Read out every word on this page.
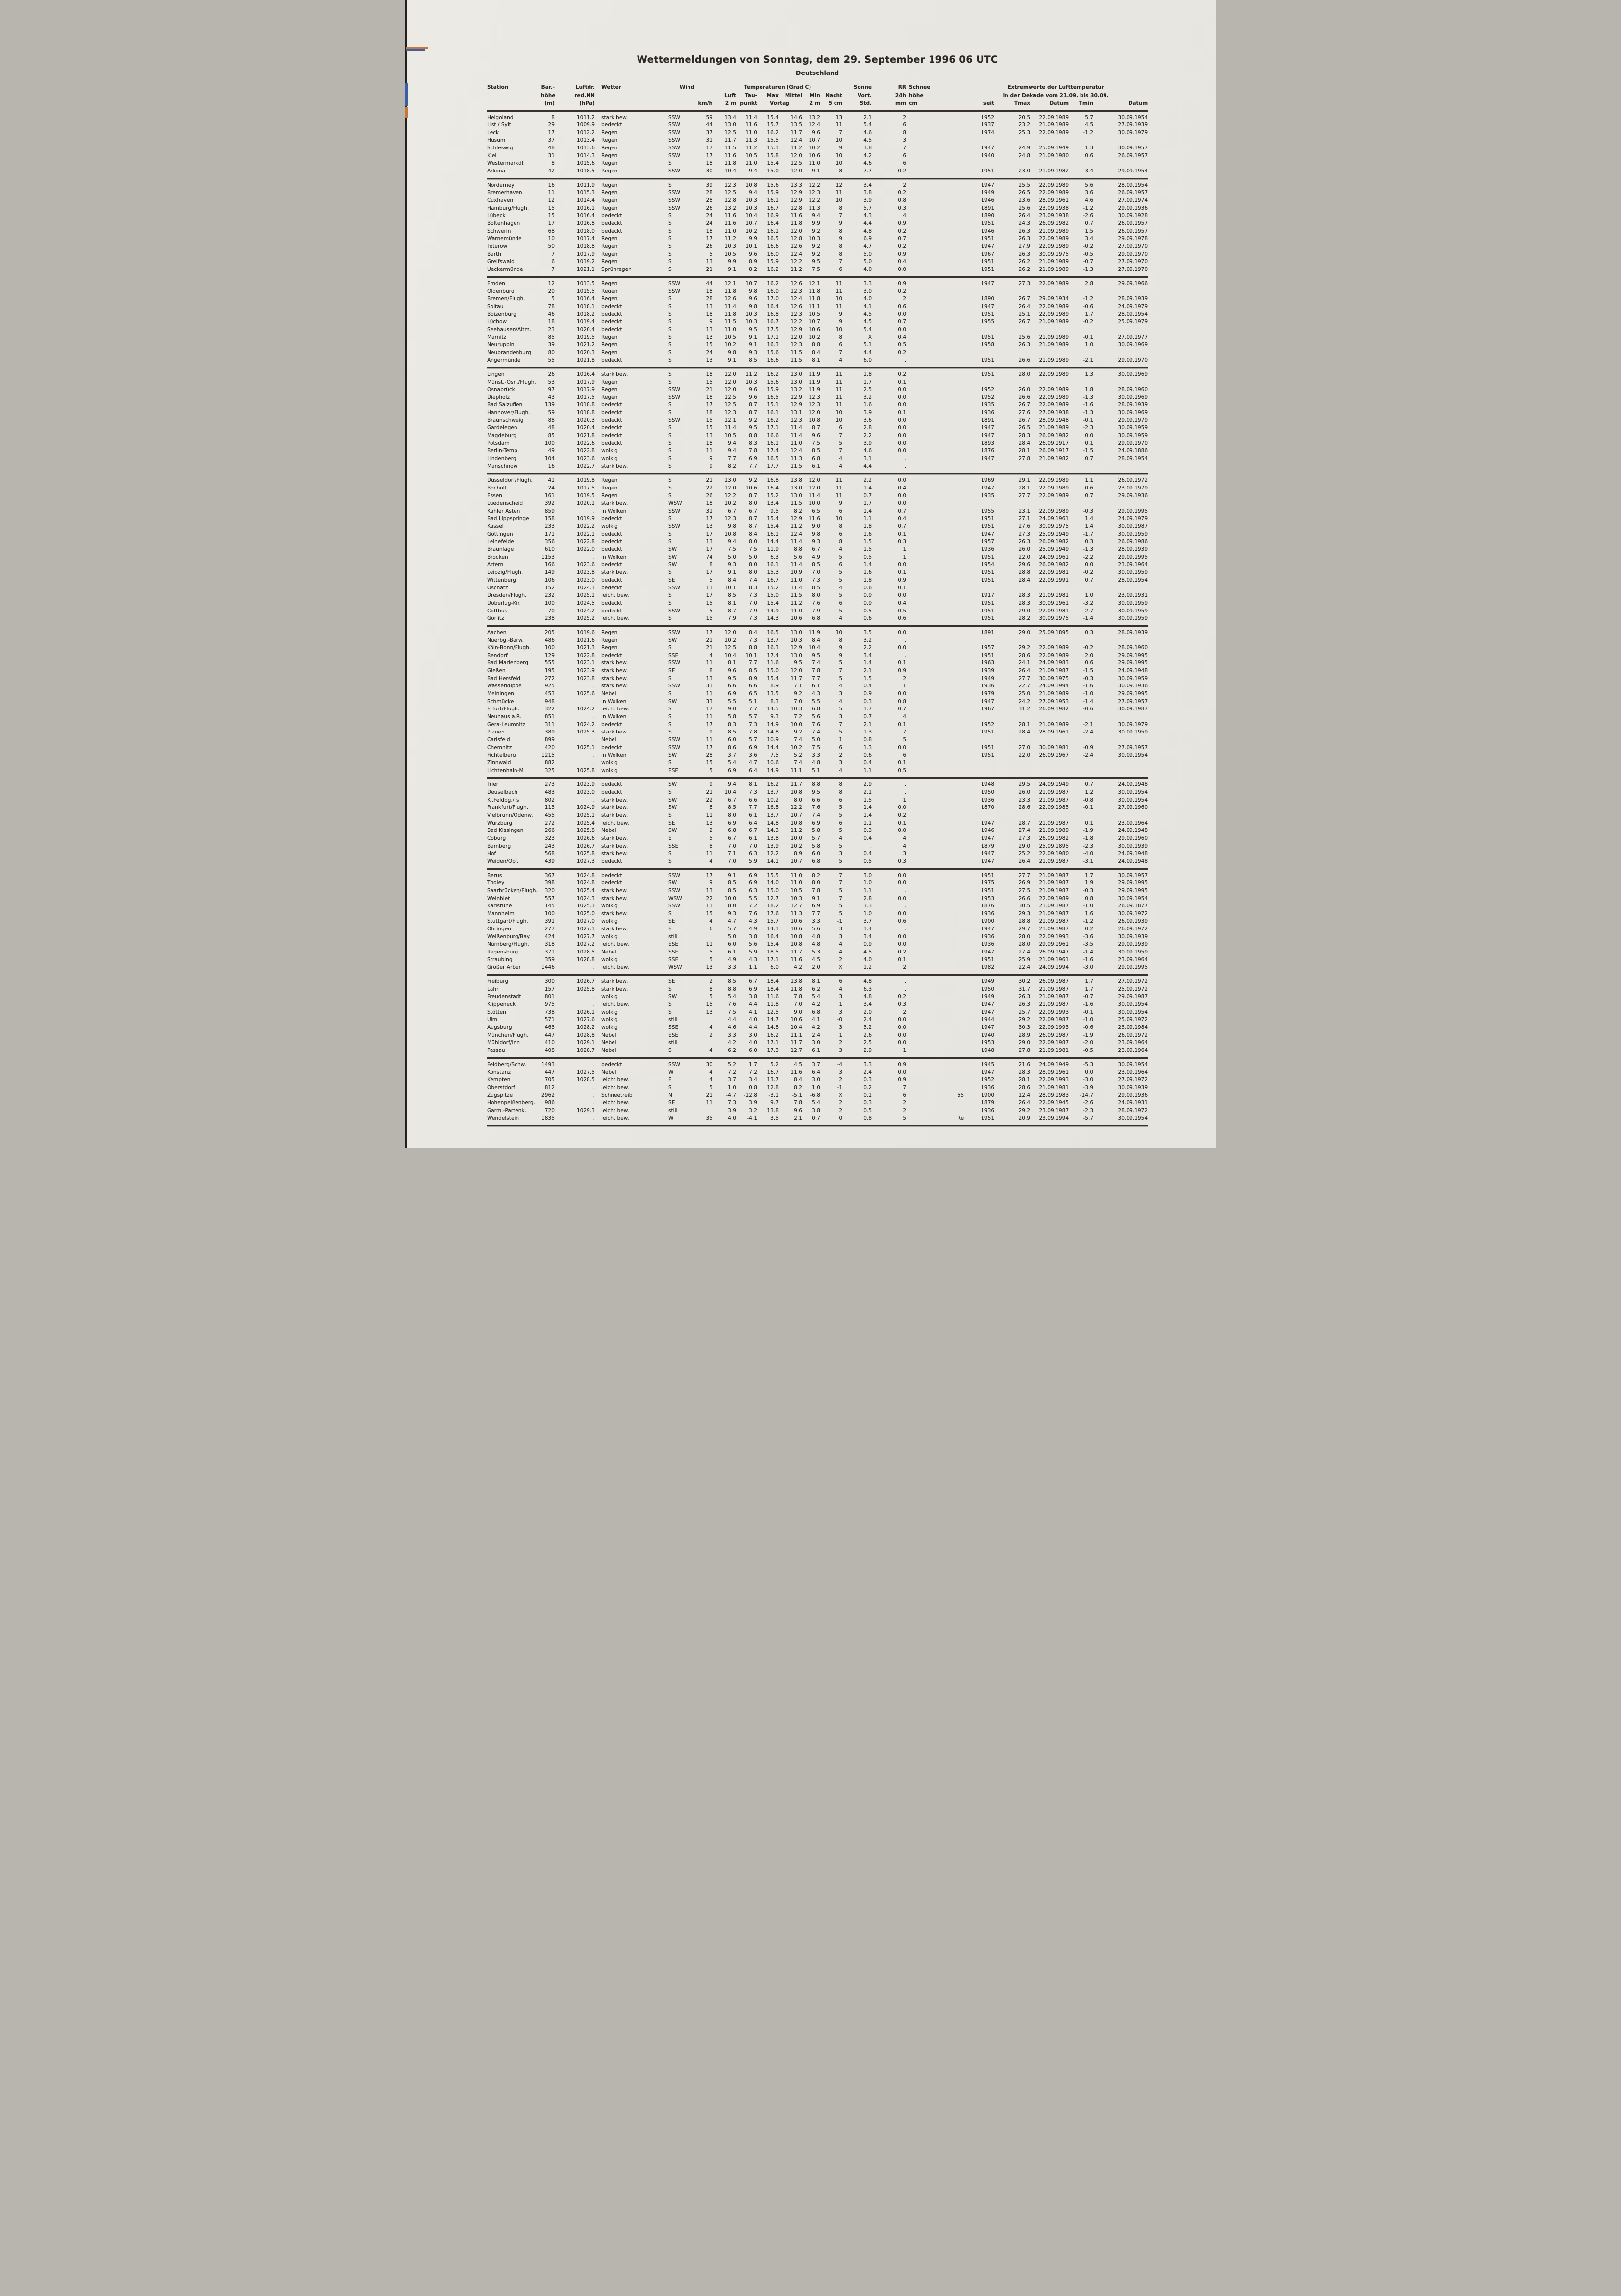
Wettermeldungen von Sonntag, dem 29. September 1996 06 UTC
Deutschland
Station	Bar.-	Luftdr.	Wetter	Wind		Temperaturen (Grad C)						Sonne	RR	Schnee	Extremwerte der Lufttemperatur				
	höhe	red.NN				Luft	Tau-	Max	Mittel	Min	Nacht	Vort.	24h	höhe	in der Dekade vom 21.09. bis 30.09.				
	(m)	(hPa)			km/h	2 m	punkt	Vortag		2 m	5 cm	Std.	mm	cm	seit	Tmax	Datum	Tmin	Datum

Helgoland	8	1011.2	stark bew.	SSW	59	13.4	11.4	15.4	14.6	13.2	13	2.1	2		1952	20.5	22.09.1989	5.7	30.09.1954
List / Sylt	29	1009.9	bedeckt	SSW	44	13.0	11.6	15.7	13.5	12.4	11	5.4	6		1937	23.2	21.09.1989	4.5	27.09.1939
Leck	17	1012.2	Regen	SSW	37	12.5	11.0	16.2	11.7	9.6	7	4.6	8		1974	25.3	22.09.1989	-1.2	30.09.1979
Husum	37	1013.4	Regen	SSW	31	11.7	11.3	15.5	12.4	10.7	10	4.5	3						
Schleswig	48	1013.6	Regen	SSW	17	11.5	11.2	15.1	11.2	10.2	9	3.8	7		1947	24.9	25.09.1949	1.3	30.09.1957
Kiel	31	1014.3	Regen	SSW	17	11.6	10.5	15.8	12.0	10.6	10	4.2	6		1940	24.8	21.09.1980	0.6	26.09.1957
Westermarkdf.	8	1015.6	Regen	S	18	11.8	11.0	15.4	12.5	11.0	10	4.6	6						
Arkona	42	1018.5	Regen	SSW	30	10.4	9.4	15.0	12.0	9.1	8	7.7	0.2		1951	23.0	21.09.1982	3.4	29.09.1954

Norderney	16	1011.9	Regen	S	39	12.3	10.8	15.6	13.3	12.2	12	3.4	2		1947	25.5	22.09.1989	5.6	28.09.1954
Bremerhaven	11	1015.3	Regen	SSW	28	12.5	9.4	15.9	12.9	12.3	11	3.8	0.2		1949	26.5	22.09.1989	3.6	26.09.1957
Cuxhaven	12	1014.4	Regen	SSW	28	12.8	10.3	16.1	12.9	12.2	10	3.9	0.8		1946	23.6	28.09.1961	4.6	27.09.1974
Hamburg/Flugh.	15	1016.1	Regen	SSW	26	13.2	10.3	16.7	12.8	11.3	8	5.7	0.3		1891	25.6	23.09.1938	-1.2	29.09.1936
Lübeck	15	1016.4	bedeckt	S	24	11.6	10.4	16.9	11.6	9.4	7	4.3	4		1890	26.4	23.09.1938	-2.6	30.09.1928
Boltenhagen	17	1016.8	bedeckt	S	24	11.6	10.7	16.4	11.8	9.9	9	4.4	0.9		1951	24.3	26.09.1982	0.7	26.09.1957
Schwerin	68	1018.0	bedeckt	S	18	11.0	10.2	16.1	12.0	9.2	8	4.8	0.2		1946	26.3	21.09.1989	1.5	26.09.1957
Warnemünde	10	1017.4	Regen	S	17	11.2	9.9	16.5	12.8	10.3	9	6.9	0.7		1951	26.3	22.09.1989	3.4	29.09.1978
Teterow	50	1018.8	Regen	S	26	10.3	10.1	16.6	12.6	9.2	8	4.7	0.2		1947	27.9	22.09.1989	-0.2	27.09.1970
Barth	7	1017.9	Regen	S	5	10.5	9.6	16.0	12.4	9.2	8	5.0	0.9		1967	26.3	30.09.1975	-0.5	29.09.1970
Greifswald	6	1019.2	Regen	S	13	9.9	8.9	15.9	12.2	9.5	7	5.0	0.4		1951	26.2	21.09.1989	-0.7	27.09.1970
Ueckermünde	7	1021.1	Sprühregen	S	21	9.1	8.2	16.2	11.2	7.5	6	4.0	0.0		1951	26.2	21.09.1989	-1.3	27.09.1970

Emden	12	1013.5	Regen	SSW	44	12.1	10.7	16.2	12.6	12.1	11	3.3	0.9		1947	27.3	22.09.1989	2.8	29.09.1966
Oldenburg	20	1015.5	Regen	SSW	18	11.8	9.8	16.0	12.3	11.8	11	3.0	0.2						
Bremen/Flugh.	5	1016.4	Regen	S	28	12.6	9.6	17.0	12.4	11.8	10	4.0	2		1890	26.7	29.09.1934	-1.2	28.09.1939
Soltau	78	1018.1	bedeckt	S	13	11.4	9.8	16.4	12.6	11.1	11	4.1	0.6		1947	26.4	22.09.1989	-0.6	24.09.1979
Boizenburg	46	1018.2	bedeckt	S	18	11.8	10.3	16.8	12.3	10.5	9	4.5	0.0		1951	25.1	22.09.1989	1.7	28.09.1954
Lüchow	18	1019.4	bedeckt	S	9	11.5	10.3	16.7	12.2	10.7	9	4.5	0.7		1955	26.7	21.09.1989	-0.2	25.09.1979
Seehausen/Altm.	23	1020.4	bedeckt	S	13	11.0	9.5	17.5	12.9	10.6	10	5.4	0.0						
Marnitz	85	1019.5	Regen	S	13	10.5	9.1	17.1	12.0	10.2	8	X	0.4		1951	25.6	21.09.1989	-0.1	27.09.1977
Neuruppin	39	1021.2	Regen	S	15	10.2	9.1	16.3	12.3	8.8	6	5.1	0.5		1958	26.3	21.09.1989	1.0	30.09.1969
Neubrandenburg	80	1020.3	Regen	S	24	9.8	9.3	15.6	11.5	8.4	7	4.4	0.2						
Angermünde	55	1021.8	bedeckt	S	13	9.1	8.5	16.6	11.5	8.1	4	6.0	.		1951	26.6	21.09.1989	-2.1	29.09.1970

Lingen	26	1016.4	stark bew.	S	18	12.0	11.2	16.2	13.0	11.9	11	1.8	0.2		1951	28.0	22.09.1989	1.3	30.09.1969
Münst.-Osn./Flugh.	53	1017.9	Regen	S	15	12.0	10.3	15.6	13.0	11.9	11	1.7	0.1						
Osnabrück	97	1017.9	Regen	SSW	21	12.0	9.6	15.9	13.2	11.9	11	2.5	0.0		1952	26.0	22.09.1989	1.8	28.09.1960
Diepholz	43	1017.5	Regen	SSW	18	12.5	9.6	16.5	12.9	12.3	11	3.2	0.0		1952	26.6	22.09.1989	-1.3	30.09.1969
Bad Salzuflen	139	1018.8	bedeckt	S	17	12.5	8.7	15.1	12.9	12.3	11	1.6	0.0		1935	26.7	22.09.1989	-1.6	28.09.1939
Hannover/Flugh.	59	1018.8	bedeckt	S	18	12.3	8.7	16.1	13.1	12.0	10	3.9	0.1		1936	27.6	27.09.1938	-1.3	30.09.1969
Braunschweig	88	1020.3	bedeckt	SSW	15	12.1	9.2	16.2	12.3	10.8	10	3.6	0.0		1891	26.7	28.09.1948	-0.1	29.09.1979
Gardelegen	48	1020.4	bedeckt	S	15	11.4	9.5	17.1	11.4	8.7	6	2.8	0.0		1947	26.5	21.09.1989	-2.3	30.09.1959
Magdeburg	85	1021.8	bedeckt	S	13	10.5	8.8	16.6	11.4	9.6	7	2.2	0.0		1947	28.3	26.09.1982	0.0	30.09.1959
Potsdam	100	1022.6	bedeckt	S	18	9.4	8.3	16.1	11.0	7.5	5	3.9	0.0		1893	28.4	26.09.1917	0.1	29.09.1970
Berlin-Temp.	49	1022.8	wolkig	S	11	9.4	7.8	17.4	12.4	8.5	7	4.6	0.0		1876	28.1	26.09.1917	-1.5	24.09.1886
Lindenberg	104	1023.6	wolkig	S	9	7.7	6.9	16.5	11.3	6.8	4	3.1	.		1947	27.8	21.09.1982	0.7	28.09.1954
Manschnow	16	1022.7	stark bew.	S	9	8.2	7.7	17.7	11.5	6.1	4	4.4	.						

Düsseldorf/Flugh.	41	1019.8	Regen	S	21	13.0	9.2	16.8	13.8	12.0	11	2.2	0.0		1969	29.1	22.09.1989	1.1	26.09.1972
Bocholt	24	1017.5	Regen	S	22	12.0	10.6	16.4	13.0	12.0	11	1.4	0.4		1947	28.1	22.09.1989	0.6	23.09.1979
Essen	161	1019.5	Regen	S	26	12.2	8.7	15.2	13.0	11.4	11	0.7	0.0		1935	27.7	22.09.1989	0.7	29.09.1936
Luedenscheid	392	1020.1	stark bew.	WSW	18	10.2	8.0	13.4	11.5	10.0	9	1.7	0.0						
Kahler Asten	859	.	in Wolken	SSW	31	6.7	6.7	9.5	8.2	6.5	6	1.4	0.7		1955	23.1	22.09.1989	-0.3	29.09.1995
Bad Lippspringe	158	1019.9	bedeckt	S	17	12.3	8.7	15.4	12.9	11.6	10	1.1	0.4		1951	27.1	24.09.1961	1.4	24.09.1979
Kassel	233	1022.2	wolkig	SSW	13	9.8	8.7	15.4	11.2	9.0	8	1.8	0.7		1951	27.6	30.09.1975	1.4	30.09.1987
Göttingen	171	1022.1	bedeckt	S	17	10.8	8.4	16.1	12.4	9.8	6	1.6	0.1		1947	27.3	25.09.1949	-1.7	30.09.1959
Leinefelde	356	1022.8	bedeckt	S	13	9.4	8.0	14.4	11.4	9.3	8	1.5	0.3		1957	26.3	26.09.1982	0.3	26.09.1986
Braunlage	610	1022.0	bedeckt	SW	17	7.5	7.5	11.9	8.8	6.7	4	1.5	1		1936	26.0	25.09.1949	-1.3	28.09.1939
Brocken	1153	.	in Wolken	SW	74	5.0	5.0	6.3	5.6	4.9	5	0.5	1		1951	22.0	24.09.1961	-2.2	29.09.1995
Artern	166	1023.6	bedeckt	SW	8	9.3	8.0	16.1	11.4	8.5	6	1.4	0.0		1954	29.6	26.09.1982	0.0	23.09.1964
Leipzig/Flugh.	149	1023.8	stark bew.	S	17	9.1	8.0	15.3	10.9	7.0	5	1.6	0.1		1951	28.8	22.09.1981	-0.2	30.09.1959
Wittenberg	106	1023.0	bedeckt	SE	5	8.4	7.4	16.7	11.0	7.3	5	1.8	0.9		1951	28.4	22.09.1991	0.7	28.09.1954
Oschatz	152	1024.3	bedeckt	SSW	11	10.1	8.3	15.2	11.4	8.5	4	0.6	0.1						
Dresden/Flugh.	232	1025.1	leicht bew.	S	17	8.5	7.3	15.0	11.5	8.0	5	0.9	0.0		1917	28.3	21.09.1981	1.0	23.09.1931
Doberlug-Kir.	100	1024.5	bedeckt	S	15	8.1	7.0	15.4	11.2	7.6	6	0.9	0.4		1951	28.3	30.09.1961	-3.2	30.09.1959
Cottbus	70	1024.2	bedeckt	SSW	5	8.7	7.9	14.9	11.0	7.9	5	0.5	0.5		1951	29.0	22.09.1981	-2.7	30.09.1959
Görlitz	238	1025.2	leicht bew.	S	15	7.9	7.3	14.3	10.6	6.8	4	0.6	0.6		1951	28.2	30.09.1975	-1.4	30.09.1959

Aachen	205	1019.6	Regen	SSW	17	12.0	8.4	16.5	13.0	11.9	10	3.5	0.0		1891	29.0	25.09.1895	0.3	28.09.1939
Nuerbg.-Barw.	486	1021.6	Regen	SW	21	10.2	7.3	13.7	10.3	8.4	8	3.2	.						
Köln-Bonn/Flugh.	100	1021.3	Regen	S	21	12.5	8.8	16.3	12.9	10.4	9	2.2	0.0		1957	29.2	22.09.1989	-0.2	28.09.1960
Bendorf	129	1022.8	bedeckt	SSE	4	10.4	10.1	17.4	13.0	9.5	9	3.4	.		1951	28.6	22.09.1989	2.0	29.09.1995
Bad Marienberg	555	1023.1	stark bew.	SSW	11	8.1	7.7	11.6	9.5	7.4	5	1.4	0.1		1963	24.1	24.09.1983	0.6	29.09.1995
Gießen	195	1023.9	stark bew.	SE	8	9.6	8.5	15.0	12.0	7.8	7	2.1	0.9		1939	26.4	21.09.1987	-1.5	24.09.1948
Bad Hersfeld	272	1023.8	stark bew.	S	13	9.5	8.9	15.4	11.7	7.7	5	1.5	2		1949	27.7	30.09.1975	-0.3	30.09.1959
Wasserkuppe	925	.	stark bew.	SSW	31	6.6	6.6	8.9	7.1	6.1	4	0.4	1		1936	22.7	24.09.1994	-1.6	30.09.1936
Meiningen	453	1025.6	Nebel	S	11	6.9	6.5	13.5	9.2	4.3	3	0.9	0.0		1979	25.0	21.09.1989	-1.0	29.09.1995
Schmücke	948	.	in Wolken	SW	33	5.5	5.1	8.3	7.0	5.5	4	0.3	0.8		1947	24.2	27.09.1953	-1.4	27.09.1957
Erfurt/Flugh.	322	1024.2	leicht bew.	S	17	9.0	7.7	14.5	10.3	6.8	5	1.7	0.7		1967	31.2	26.09.1982	-0.6	30.09.1987
Neuhaus a.R.	851	.	in Wolken	S	11	5.8	5.7	9.3	7.2	5.6	3	0.7	4						
Gera-Leumnitz	311	1024.2	bedeckt	S	17	8.3	7.3	14.9	10.0	7.6	7	2.1	0.1		1952	28.1	21.09.1989	-2.1	30.09.1979
Plauen	389	1025.3	stark bew.	S	9	8.5	7.8	14.8	9.2	7.4	5	1.3	7		1951	28.4	28.09.1961	-2.4	30.09.1959
Carlsfeld	899	.	Nebel	SSW	11	6.0	5.7	10.9	7.4	5.0	1	0.8	5						
Chemnitz	420	1025.1	bedeckt	SSW	17	8.6	6.9	14.4	10.2	7.5	6	1.3	0.0		1951	27.0	30.09.1981	-0.9	27.09.1957
Fichtelberg	1215	.	in Wolken	SW	28	3.7	3.6	7.5	5.2	3.3	2	0.6	6		1951	22.0	26.09.1967	-2.4	30.09.1954
Zinnwald	882	.	wolkig	S	15	5.4	4.7	10.6	7.4	4.8	3	0.4	0.1						
Lichtenhain-M	325	1025.8	wolkig	ESE	5	6.9	6.4	14.9	11.1	5.1	4	1.1	0.5						

Trier	273	1023.9	bedeckt	SW	9	9.4	8.1	16.2	11.7	8.8	8	2.9	.		1948	29.5	24.09.1949	0.7	24.09.1948
Deuselbach	483	1023.0	bedeckt	S	21	10.4	7.3	13.7	10.8	9.5	8	2.1	.		1950	26.0	21.09.1987	1.2	30.09.1954
Kl.Feldbg./Ts	802	.	stark bew.	SW	22	6.7	6.6	10.2	8.0	6.6	6	1.5	1		1936	23.3	21.09.1987	-0.8	30.09.1954
Frankfurt/Flugh.	113	1024.9	stark bew.	SW	8	8.5	7.7	16.8	12.2	7.6	5	1.4	0.0		1870	28.6	22.09.1985	-0.1	27.09.1960
Vielbrunn/Odenw.	455	1025.1	stark bew.	S	11	8.0	6.1	13.7	10.7	7.4	5	1.4	0.2						
Würzburg	272	1025.4	leicht bew.	SE	13	6.9	6.4	14.8	10.8	6.9	6	1.1	0.1		1947	28.7	21.09.1987	0.1	23.09.1964
Bad Kissingen	266	1025.8	Nebel	SW	2	6.8	6.7	14.3	11.2	5.8	5	0.3	0.0		1946	27.4	21.09.1989	-1.9	24.09.1948
Coburg	323	1026.6	stark bew.	E	5	6.7	6.1	13.8	10.0	5.7	4	0.4	4		1947	27.3	26.09.1982	-1.8	29.09.1960
Bamberg	243	1026.7	stark bew.	SSE	8	7.0	7.0	13.9	10.2	5.8	5	.	4		1879	29.0	25.09.1895	-2.3	30.09.1939
Hof	568	1025.8	stark bew.	S	11	7.1	6.3	12.2	8.9	6.0	3	0.4	3		1947	25.2	22.09.1980	-4.0	24.09.1948
Weiden/Opf.	439	1027.3	bedeckt	S	4	7.0	5.9	14.1	10.7	6.8	5	0.5	0.3		1947	26.4	21.09.1987	-3.1	24.09.1948

Berus	367	1024.8	bedeckt	SSW	17	9.1	6.9	15.5	11.0	8.2	7	3.0	0.0		1951	27.7	21.09.1987	1.7	30.09.1957
Tholey	398	1024.8	bedeckt	SW	9	8.5	6.9	14.0	11.0	8.0	7	1.0	0.0		1975	26.9	21.09.1987	1.9	29.09.1995
Saarbrücken/Flugh.	320	1025.4	stark bew.	SSW	13	8.5	6.3	15.0	10.5	7.8	5	1.1	.		1951	27.5	21.09.1987	-0.3	29.09.1995
Weinbiet	557	1024.3	stark bew.	WSW	22	10.0	5.5	12.7	10.3	9.1	7	2.8	0.0		1953	26.6	22.09.1989	0.8	30.09.1954
Karlsruhe	145	1025.3	wolkig	SSW	11	8.0	7.2	18.2	12.7	6.9	5	3.3	.		1876	30.5	21.09.1987	-1.0	26.09.1877
Mannheim	100	1025.0	stark bew.	S	15	9.3	7.6	17.6	11.3	7.7	5	1.0	0.0		1936	29.3	21.09.1987	1.6	30.09.1972
Stuttgart/Flugh.	391	1027.0	wolkig	SE	4	4.7	4.3	15.7	10.6	3.3	-1	3.7	0.6		1900	28.8	21.09.1987	-1.2	26.09.1939
Öhringen	277	1027.1	stark bew.	E	6	5.7	4.9	14.1	10.6	5.6	3	1.4	.		1947	29.7	21.09.1987	0.2	26.09.1972
Weißenburg/Bay.	424	1027.7	wolkig	still		5.0	3.8	16.4	10.8	4.8	3	3.4	0.0		1936	28.0	22.09.1993	-3.6	30.09.1939
Nürnberg/Flugh.	318	1027.2	leicht bew.	ESE	11	6.0	5.6	15.4	10.8	4.8	4	0.9	0.0		1936	28.0	29.09.1961	-3.5	29.09.1939
Regensburg	371	1028.5	Nebel	SSE	5	6.1	5.9	18.5	11.7	5.3	4	4.5	0.2		1947	27.4	26.09.1947	-1.4	30.09.1959
Straubing	359	1028.8	wolkig	SSE	5	4.9	4.3	17.1	11.6	4.5	2	4.0	0.1		1951	25.9	21.09.1961	-1.6	23.09.1964
Großer Arber	1446	.	leicht bew.	WSW	13	3.3	1.1	6.0	4.2	2.0	X	1.2	2		1982	22.4	24.09.1994	-3.0	29.09.1995

Freiburg	300	1026.7	stark bew.	SE	2	8.5	6.7	18.4	13.8	8.1	6	4.8	.		1949	30.2	26.09.1987	1.7	27.09.1972
Lahr	157	1025.8	stark bew.	S	8	8.8	6.9	18.4	11.8	6.2	4	6.3	.		1950	31.7	21.09.1987	1.7	25.09.1972
Freudenstadt	801	.	wolkig	SW	5	5.4	3.8	11.6	7.8	5.4	3	4.8	0.2		1949	26.3	21.09.1987	-0.7	29.09.1987
Klippeneck	975	.	leicht bew.	S	15	7.6	4.4	11.8	7.0	4.2	1	3.4	0.3		1947	26.3	21.09.1987	-1.6	30.09.1954
Stötten	738	1026.1	wolkig	S	13	7.5	4.1	12.5	9.0	6.8	3	2.0	2		1947	25.7	22.09.1993	-0.1	30.09.1954
Ulm	571	1027.6	wolkig	still		4.4	4.0	14.7	10.6	4.1	-0	2.4	0.0		1944	29.2	22.09.1987	-1.0	25.09.1972
Augsburg	463	1028.2	wolkig	SSE	4	4.6	4.4	14.8	10.4	4.2	3	3.2	0.0		1947	30.3	22.09.1993	-0.6	23.09.1984
München/Flugh.	447	1028.8	Nebel	ESE	2	3.3	3.0	16.2	11.1	2.4	1	2.6	0.0		1940	28.9	26.09.1987	-1.9	26.09.1972
Mühldorf/Inn	410	1029.1	Nebel	still		4.2	4.0	17.1	11.7	3.0	2	2.5	0.0		1953	29.0	22.09.1987	-2.0	23.09.1964
Passau	408	1028.7	Nebel	S	4	6.2	6.0	17.3	12.7	6.1	3	2.9	1		1948	27.8	21.09.1981	-0.5	23.09.1964

Feldberg/Schw.	1493	.	bedeckt	SSW	30	5.2	1.7	5.2	4.5	3.7	-4	3.3	0.9		1945	21.6	24.09.1949	-5.3	30.09.1954
Konstanz	447	1027.5	Nebel	W	4	7.2	7.2	16.7	11.6	6.4	3	2.4	0.0		1947	28.3	28.09.1961	0.0	23.09.1964
Kempten	705	1028.5	leicht bew.	E	4	3.7	3.4	13.7	8.4	3.0	2	0.3	0.9		1952	28.1	22.09.1993	-3.0	27.09.1972
Oberstdorf	812	.	leicht bew.	S	5	1.0	0.8	12.8	8.2	1.0	-1	0.2	7		1936	28.6	21.09.1981	-3.9	30.09.1939
Zugspitze	2962	.	Schneetreib	N	21	-4.7	-12.8	-3.1	-5.1	-6.8	X	0.1	6	65	1900	12.4	28.09.1983	-14.7	29.09.1936
Hohenpeißenberg.	986	.	leicht bew.	SE	11	7.3	3.9	9.7	7.8	5.4	2	0.3	2		1879	26.4	22.09.1945	-2.6	24.09.1931
Garm.-Partenk.	720	1029.3	leicht bew.	still		3.9	3.2	13.8	9.6	3.8	2	0.5	2		1936	29.2	23.09.1987	-2.3	28.09.1972
Wendelstein	1835	.	leicht bew.	W	35	4.0	-4.1	3.5	2.1	0.7	0	0.8	5	Re	1951	20.9	23.09.1994	-5.7	30.09.1954
